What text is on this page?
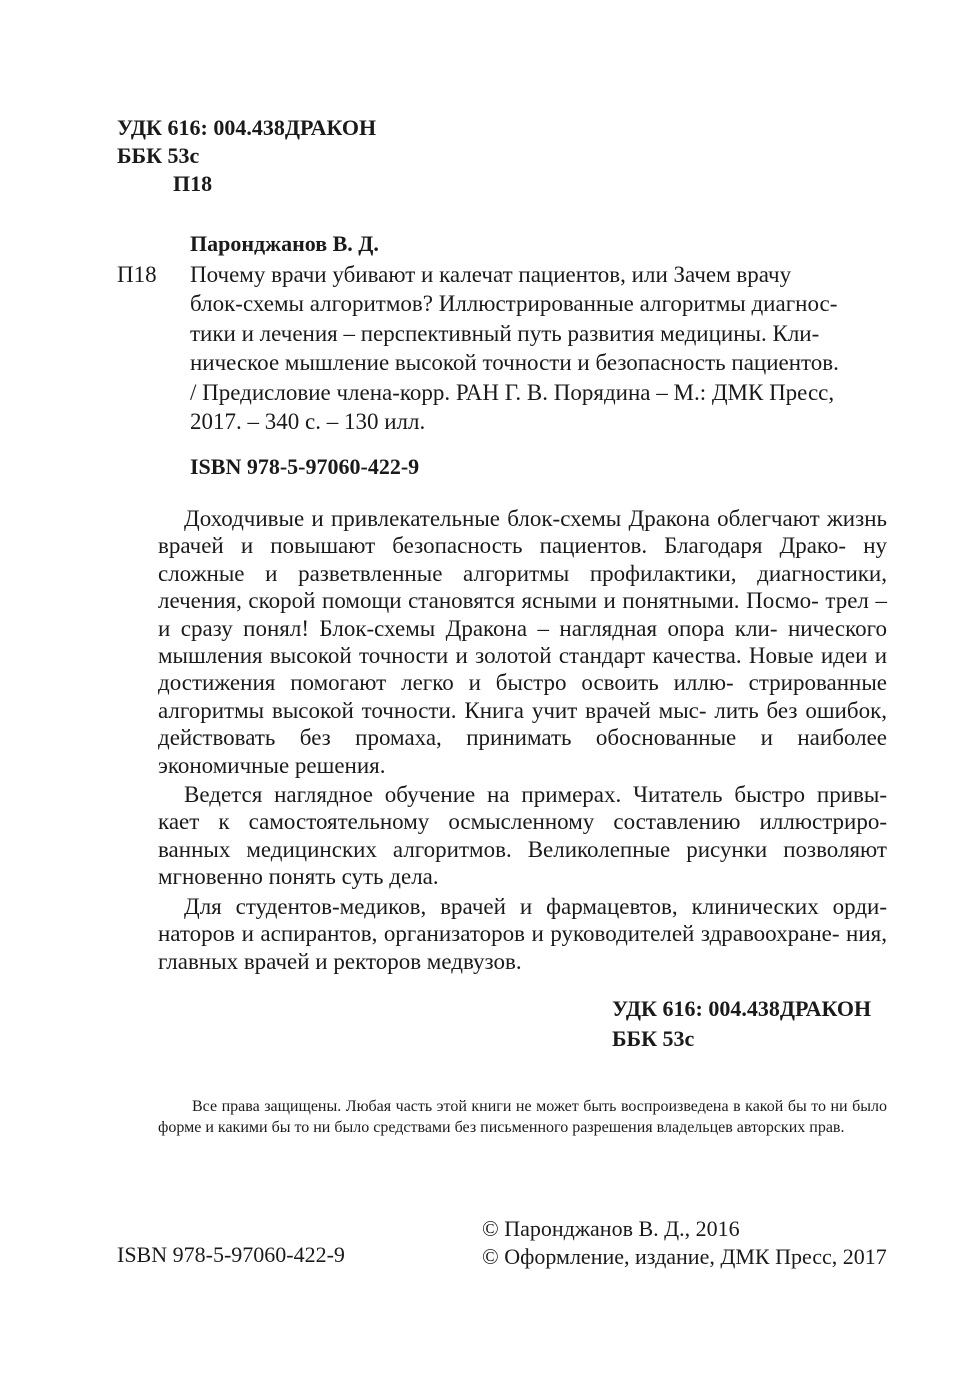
УДК 616: 004.438ДРАКОН
ББК 53с
П18
Паронджанов В. Д.
П18 Почему врачи убивают и калечат пациентов, или Зачем врачу
блок-схемы алгоритмов? Иллюстрированные алгоритмы диагнос-
тики и лечения – перспективный путь развития медицины. Кли-
ническое мышление высокой точности и безопасность пациентов.
/ Предисловие члена-корр. РАН Г. В. Порядина – М.: ДМК Пресс,
2017. – 340 с. – 130 илл.
ISBN 978-5-97060-422-9

Доходчивые и привлекательные блок-схемы Дракона облегчают жизнь врачей и повышают безопасность пациентов. Благодаря Драко- ну сложные и разветвленные алгоритмы профилактики, диагностики, лечения, скорой помощи становятся ясными и понятными. Посмо- трел – и сразу понял! Блок-схемы Дракона – наглядная опора кли- нического мышления высокой точности и золотой стандарт качества. Новые идеи и достижения помогают легко и быстро освоить иллю- стрированные алгоритмы высокой точности. Книга учит врачей мыс- лить без ошибок, действовать без промаха, принимать обоснованные и наиболее экономичные решения.

Ведется наглядное обучение на примерах. Читатель быстро привы- кает к самостоятельному осмысленному составлению иллюстриро- ванных медицинских алгоритмов. Великолепные рисунки позволяют мгновенно понять суть дела.

Для студентов-медиков, врачей и фармацевтов, клинических орди- наторов и аспирантов, организаторов и руководителей здравоохране- ния, главных врачей и ректоров медвузов.

УДК 616: 004.438ДРАКОН
ББК 53с
Все права защищены. Любая часть этой книги не может быть воспроизведена в какой бы то ни было форме и какими бы то ни было средствами без письменного разрешения владельцев авторских прав.
ISBN 978-5-97060-422-9
© Паронджанов В. Д., 2016
© Оформление, издание, ДМК Пресс, 2017
